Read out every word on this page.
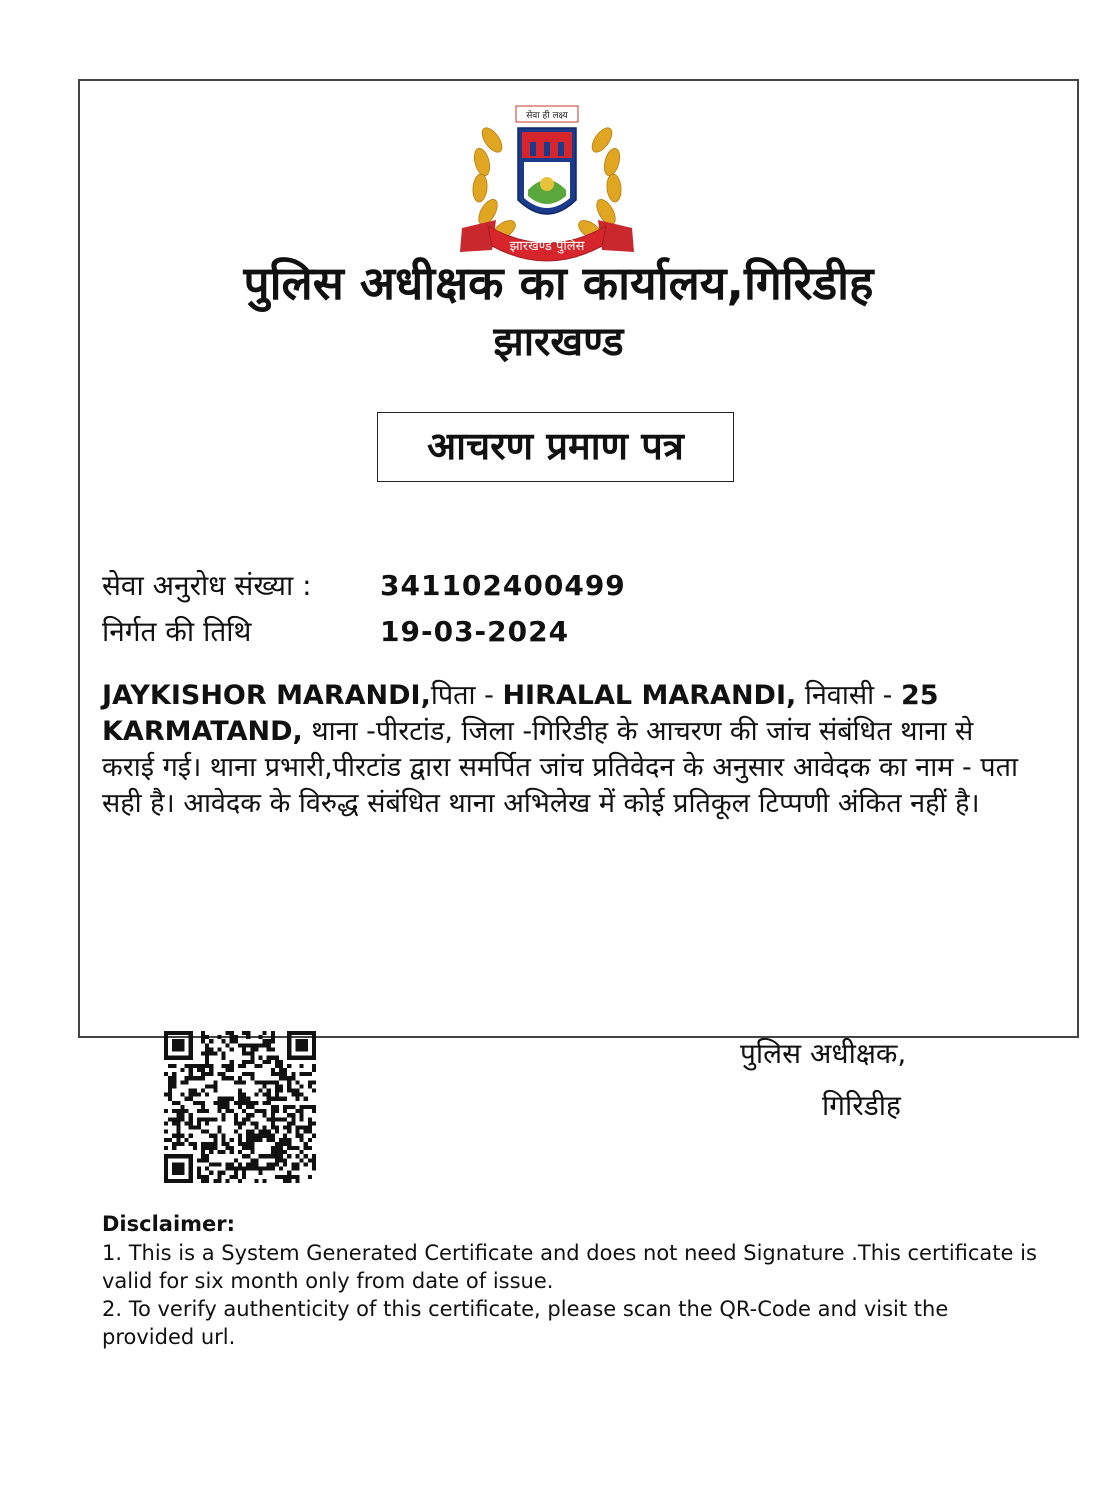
सेवा ही लक्ष्य
झारखण्ड पुलिस
पुलिस अधीक्षक का कार्यालय,गिरिडीह
झारखण्ड
आचरण प्रमाण पत्र
सेवा अनुरोध संख्या : 341102400499
निर्गत की तिथि	19-03-2024
JAYKISHOR MARANDI,पिता - HIRALAL MARANDI, निवासी - 25 KARMATAND, थाना -पीरटांड, जिला -गिरिडीह के आचरण की जांच संबंधित थाना से कराई गई। थाना प्रभारी,पीरटांड द्वारा समर्पित जांच प्रतिवेदन के अनुसार आवेदक का नाम - पता सही है। आवेदक के विरुद्ध संबंधित थाना अभिलेख में कोई प्रतिकूल टिप्पणी अंकित नहीं है।
पुलिस अधीक्षक,
गिरिडीह
Disclaimer:

1. This is a System Generated Certificate and does not need Signature .This certificate is valid for six month only from date of issue.

2. To verify authenticity of this certificate, please scan the QR-Code and visit the provided url.
